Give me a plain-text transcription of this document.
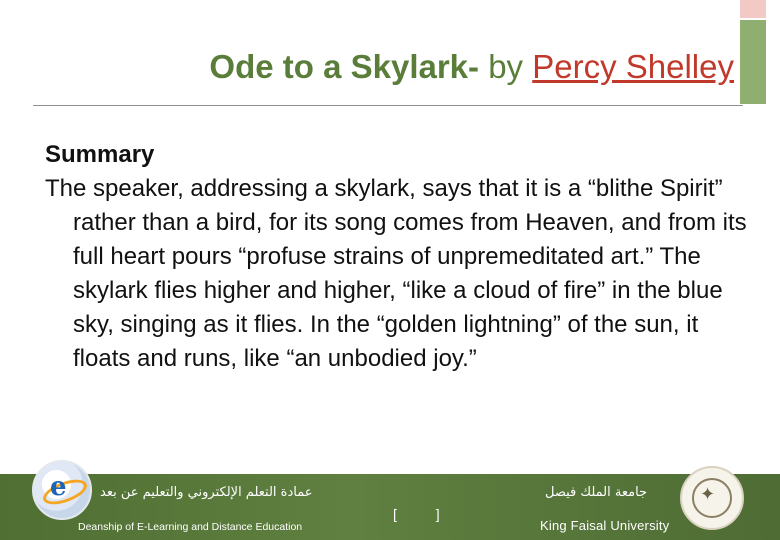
Ode to a Skylark- by Percy Shelley

Summary

The speaker, addressing a skylark, says that it is a “blithe Spirit” rather than a bird, for its song comes from Heaven, and from its full heart pours “profuse strains of unpremeditated art.” The skylark flies higher and higher, “like a cloud of fire” in the blue sky, singing as it flies. In the “golden lightning” of the sun, it floats and runs, like “an unbodied joy.”

عمادة التعلم الإلكتروني والتعليم عن بعد
Deanship of E-Learning and Distance Education
[          ]
جامعة الملك فيصل
King Faisal University
e	✦
